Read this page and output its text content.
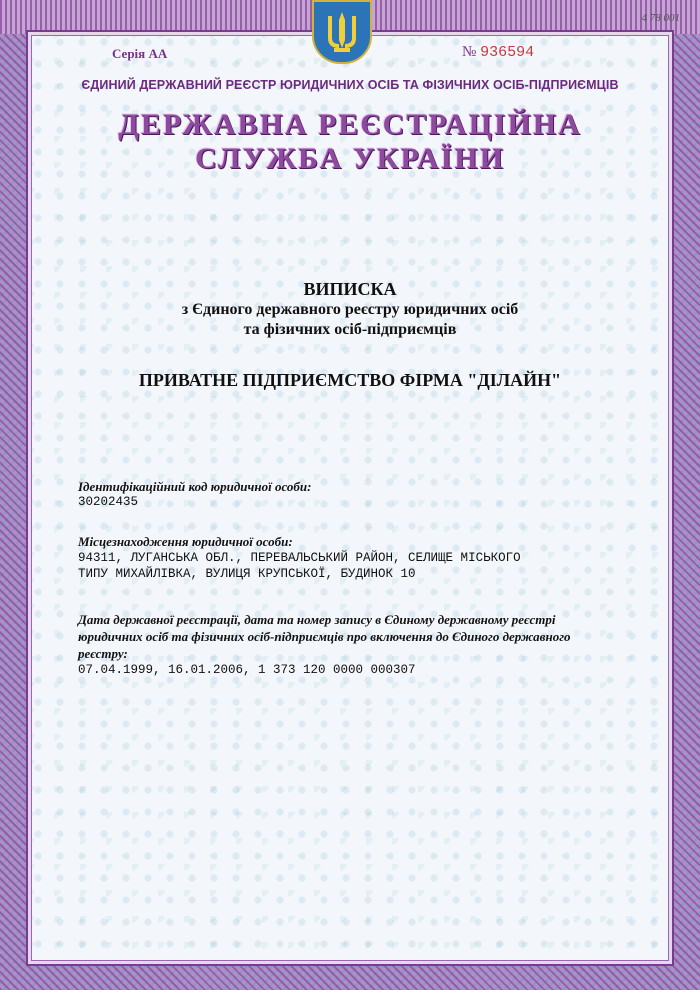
4 78 001
Серія АА	№ 936594
ЄДИНИЙ ДЕРЖАВНИЙ РЕЄСТР ЮРИДИЧНИХ ОСІБ ТА ФІЗИЧНИХ ОСІБ-ПІДПРИЄМЦІВ
ДЕРЖАВНА РЕЄСТРАЦІЙНА
СЛУЖБА УКРАЇНИ
ВИПИСКА
з Єдиного державного реєстру юридичних осіб
та фізичних осіб-підприємців
ПРИВАТНЕ ПІДПРИЄМСТВО ФІРМА "ДІЛАЙН"
Ідентифікаційний код юридичної особи:
30202435
Місцезнаходження юридичної особи:
94311, ЛУГАНСЬКА ОБЛ., ПЕРЕВАЛЬСЬКИЙ РАЙОН, СЕЛИЩЕ МІСЬКОГО
ТИПУ МИХАЙЛІВКА, ВУЛИЦЯ КРУПСЬКОЇ, БУДИНОК 10
Дата державної реєстрації, дата та номер запису в Єдиному державному реєстрі юридичних осіб та фізичних осіб-підприємців про включення до Єдиного державного реєстру:
07.04.1999, 16.01.2006, 1 373 120 0000 000307
